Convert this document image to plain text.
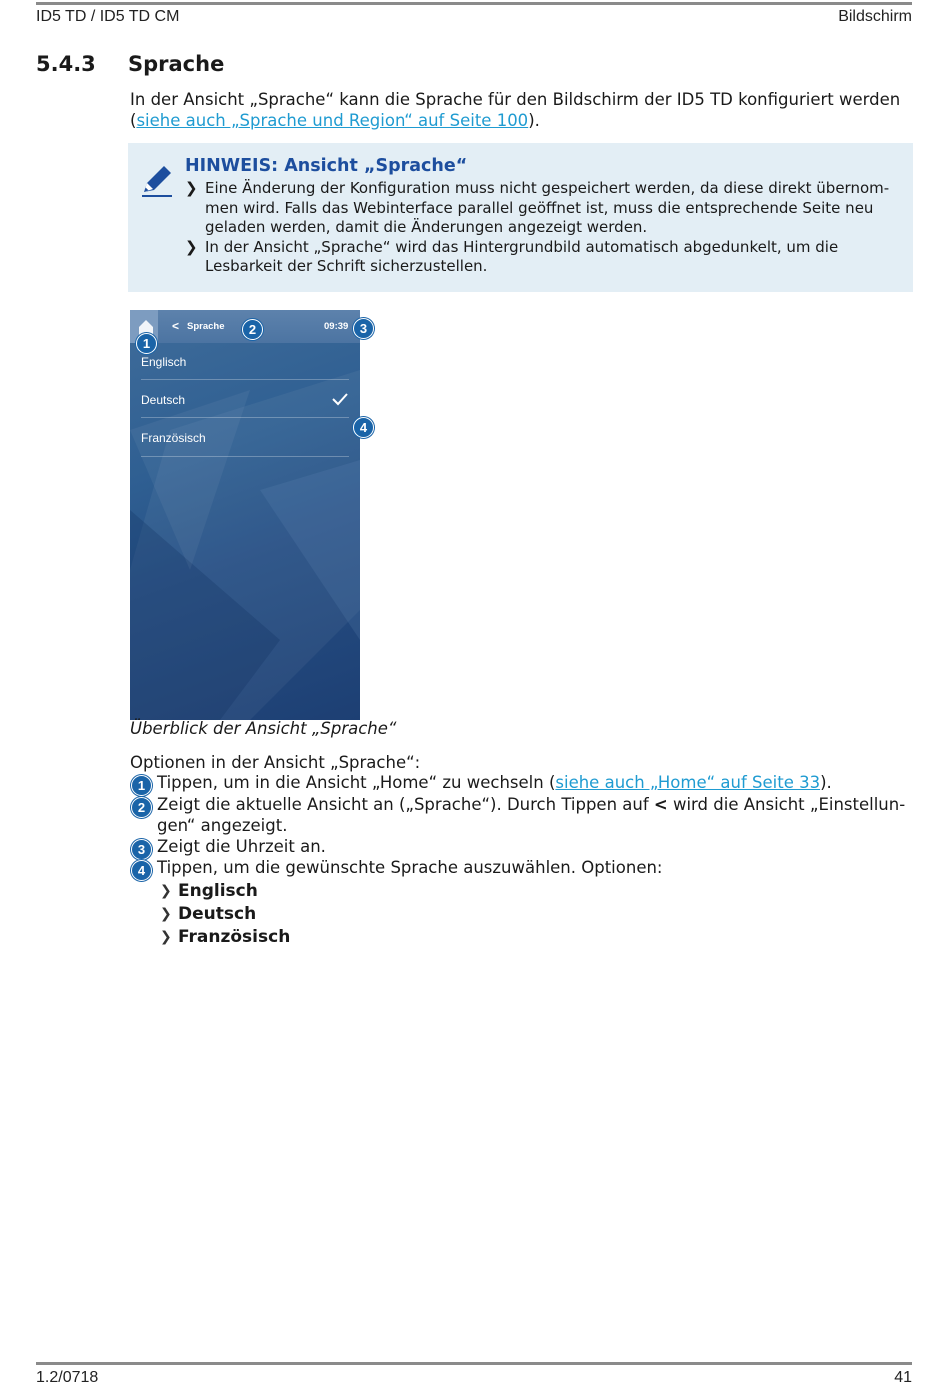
ID5 TD / ID5 TD CM	Bildschirm
5.4.3 Sprache
In der Ansicht „Sprache“ kann die Sprache für den Bildschirm der ID5 TD konfiguriert werden
(siehe auch „Sprache und Region“ auf Seite 100).
HINWEIS: Ansicht „Sprache“
❯ Eine Änderung der Konfiguration muss nicht gespeichert werden, da diese direkt übernom-
men wird. Falls das Webinterface parallel geöffnet ist, muss die entsprechende Seite neu
geladen werden, damit die Änderungen angezeigt werden.
❯ In der Ansicht „Sprache“ wird das Hintergrundbild automatisch abgedunkelt, um die
Lesbarkeit der Schrift sicherzustellen.
< Sprache	09:39
Englisch
Deutsch
Französisch
1
2	3
4
Überblick der Ansicht „Sprache“
Optionen in der Ansicht „Sprache“:
1 Tippen, um in die Ansicht „Home“ zu wechseln (siehe auch „Home“ auf Seite 33).
2 Zeigt die aktuelle Ansicht an („Sprache“). Durch Tippen auf < wird die Ansicht „Einstellun-
gen“ angezeigt.
3 Zeigt die Uhrzeit an.
4 Tippen, um die gewünschte Sprache auszuwählen. Optionen:
❯ Englisch
❯ Deutsch
❯ Französisch
1.2/0718	41
